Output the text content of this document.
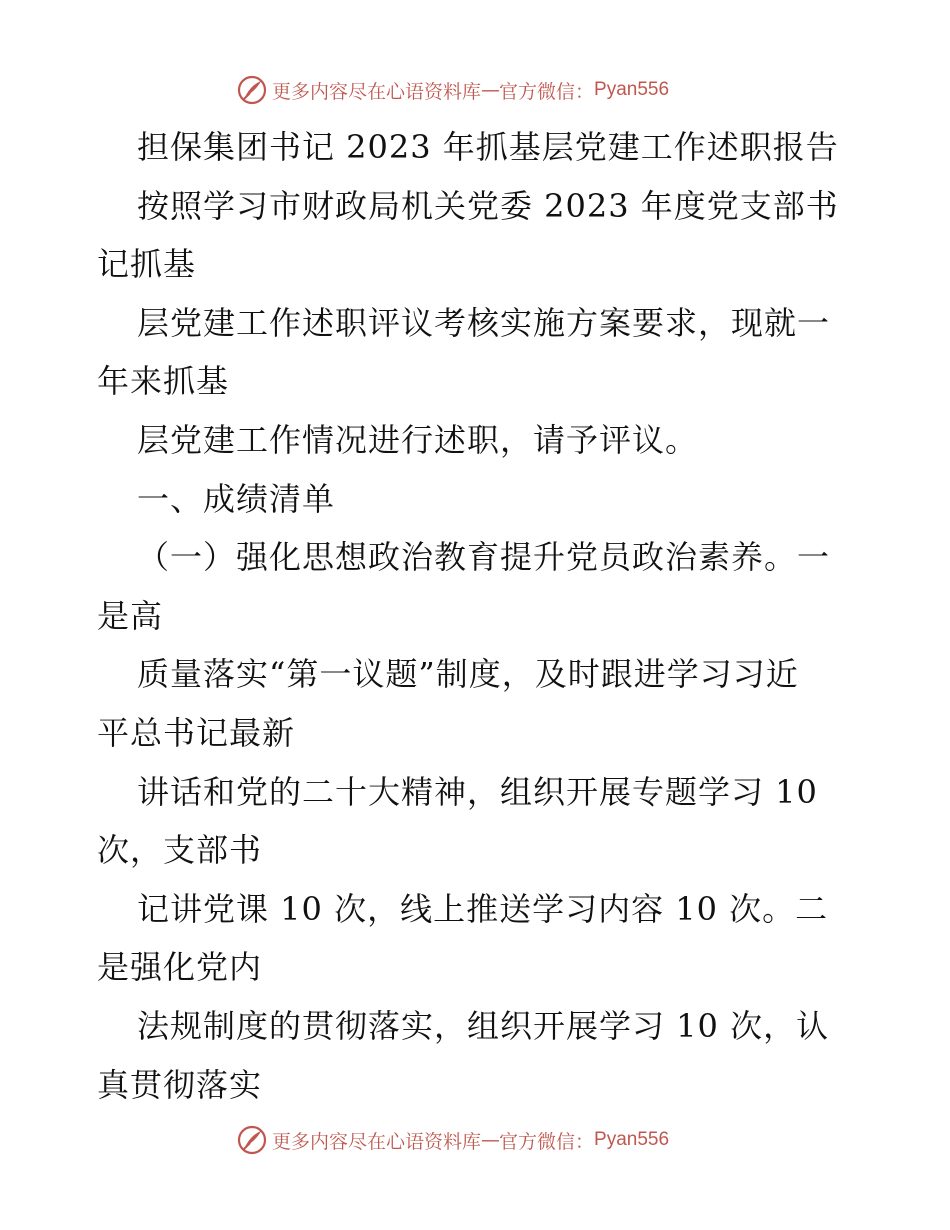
更多内容尽在心语资料库 — 官方微信： Pyan556
担保集团书记 2023 年抓基层党建工作述职报告
按照学习市财政局机关党委 2023 年度党支部书
记抓基
层党建工作述职评议考核实施方案要求，现就一
年来抓基
层党建工作情况进行述职，请予评议。
一、成绩清单
（一）强化思想政治教育提升党员政治素养。一
是高
质量落实“第一议题”制度，及时跟进学习习近
平总书记最新
讲话和党的二十大精神，组织开展专题学习 10
次，支部书
记讲党课 10 次，线上推送学习内容 10 次。二
是强化党内
法规制度的贯彻落实，组织开展学习 10 次，认
真贯彻落实
更多内容尽在心语资料库 — 官方微信： Pyan556
